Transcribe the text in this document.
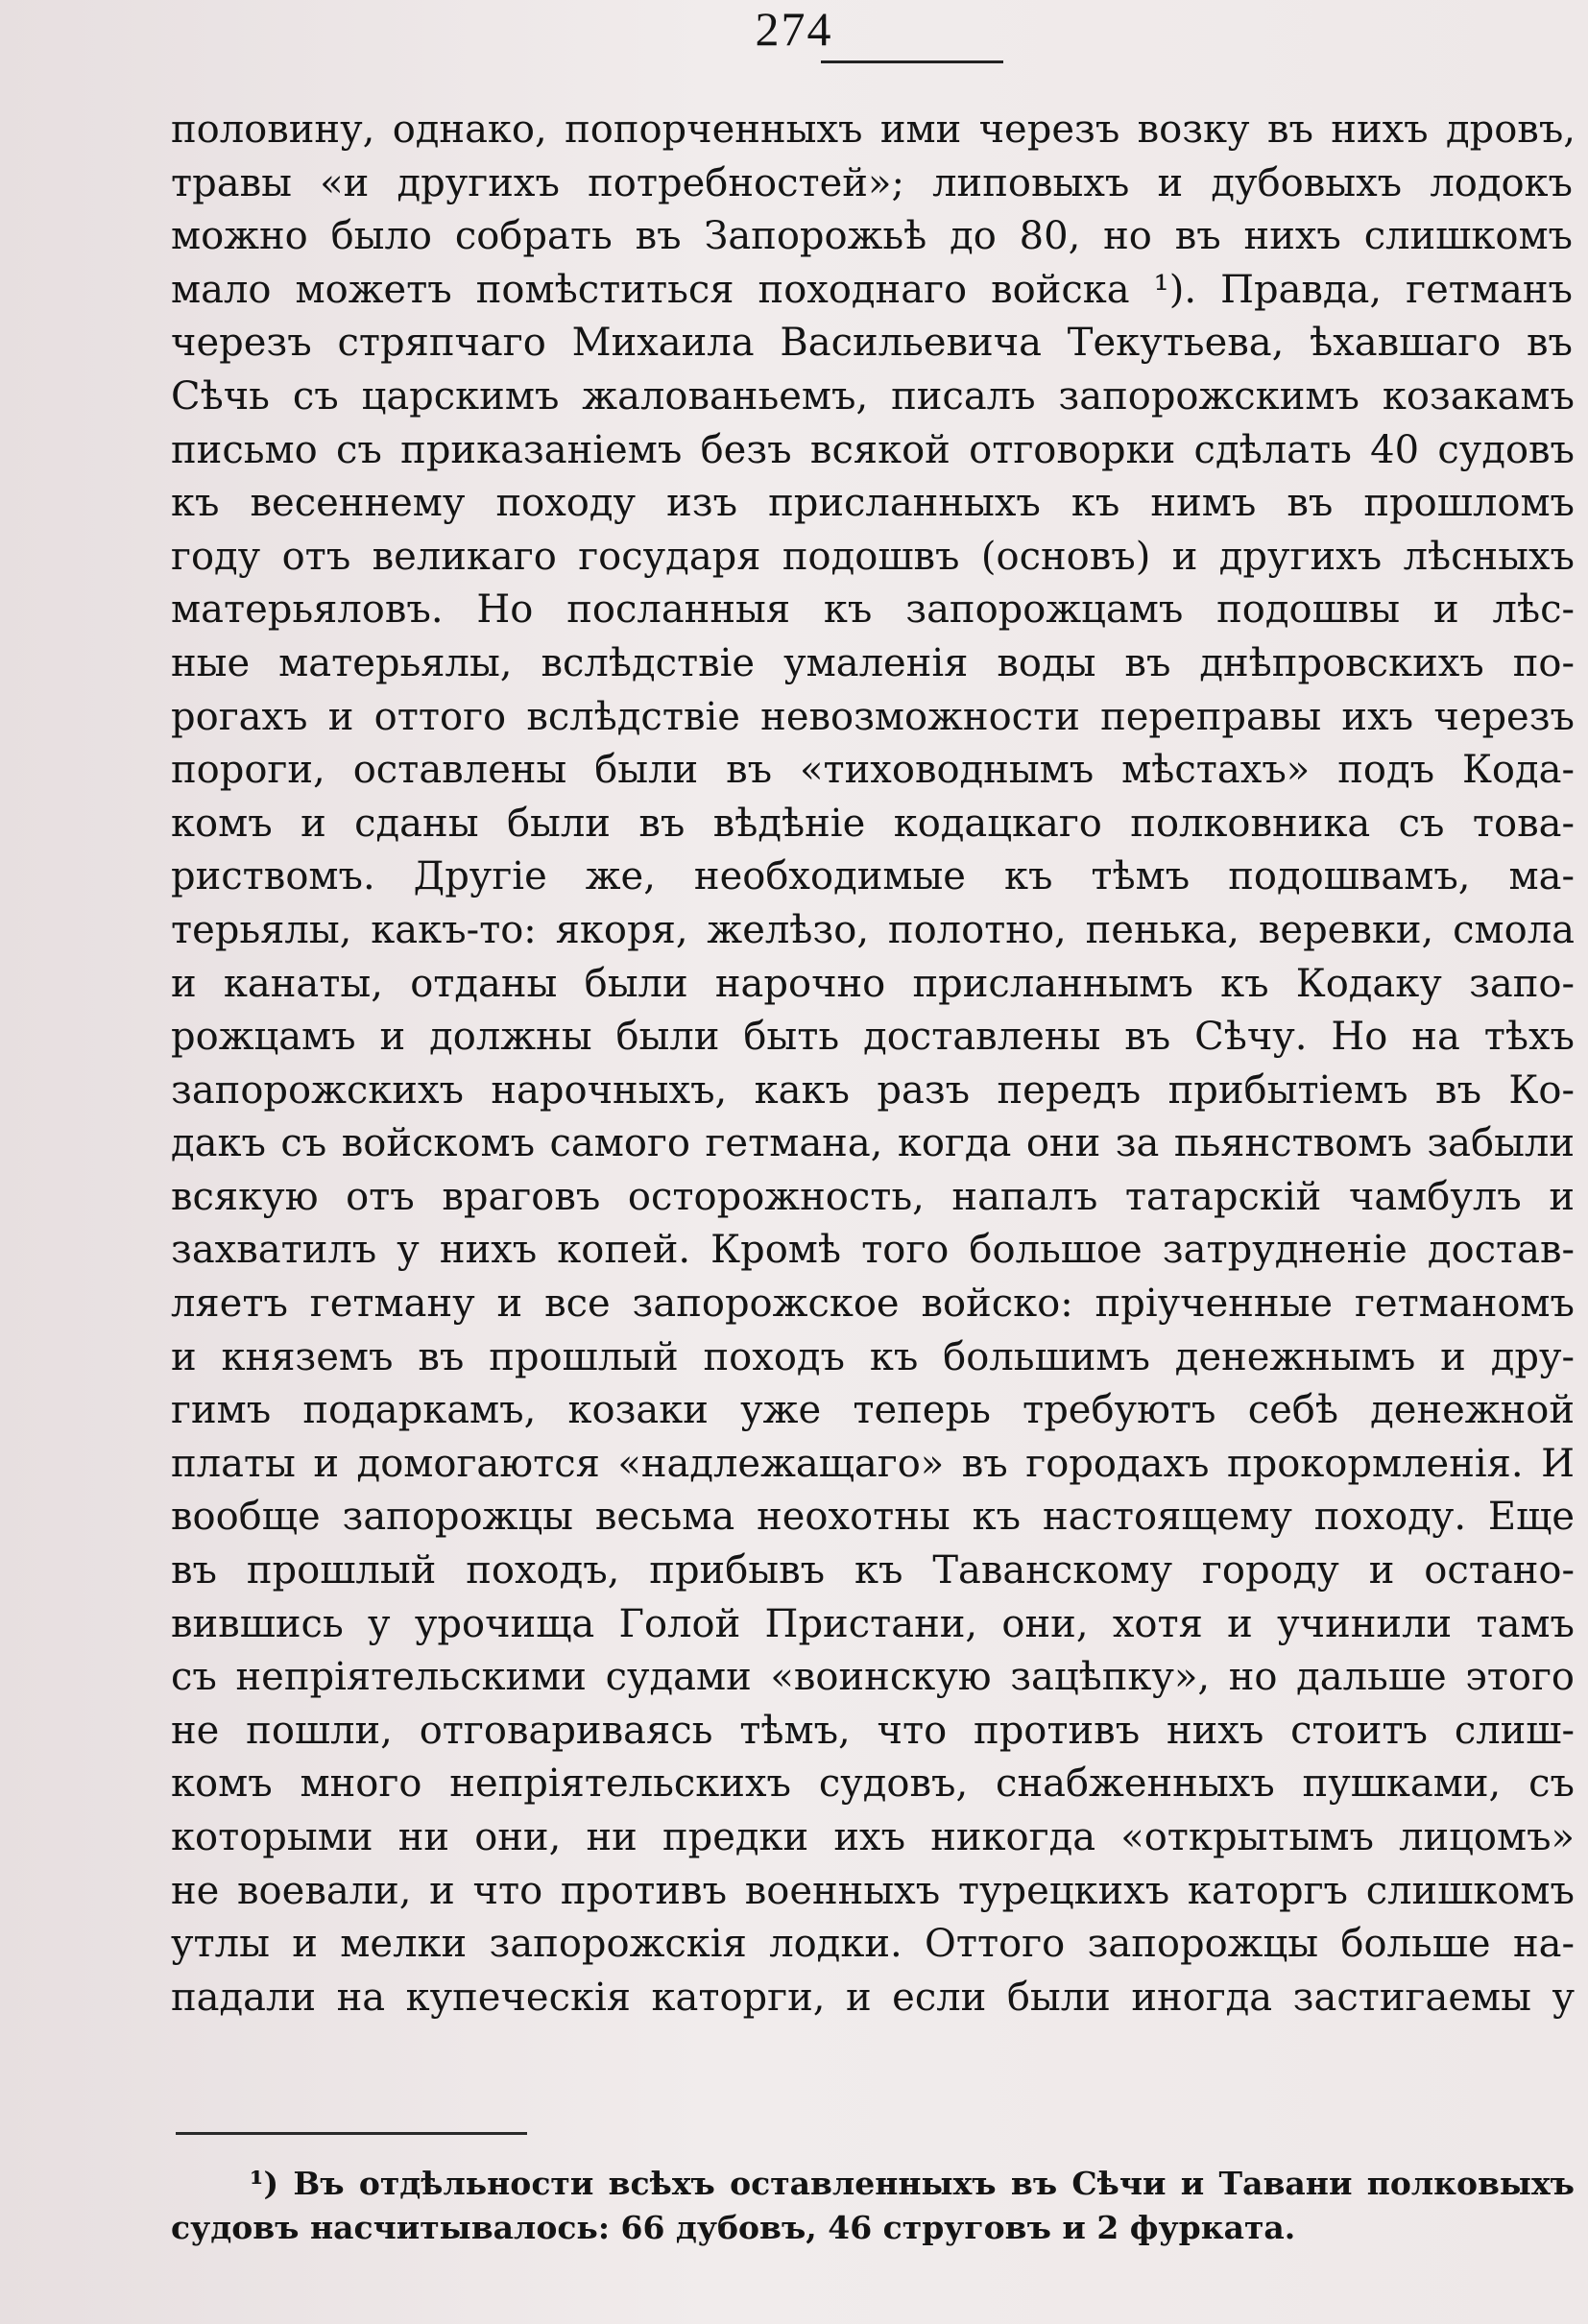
274
половину, однако, попорченныхъ ими черезъ возку въ нихъ дровъ,
травы «и другихъ потребностей»; липовыхъ и дубовыхъ лодокъ
можно было собрать въ Запорожьѣ до 80, но въ нихъ слишкомъ
мало можетъ помѣститься походнаго войска ¹). Правда, гетманъ
черезъ стряпчаго Михаила Васильевича Текутьева, ѣхавшаго въ
Сѣчь съ царскимъ жалованьемъ, писалъ запорожскимъ козакамъ
письмо съ приказаніемъ безъ всякой отговорки сдѣлать 40 судовъ
къ весеннему походу изъ присланныхъ къ нимъ въ прошломъ
году отъ великаго государя подошвъ (основъ) и другихъ лѣсныхъ
матерьяловъ. Но посланныя къ запорожцамъ подошвы и лѣс-
ные матерьялы, вслѣдствіе умаленія воды въ днѣпровскихъ по-
рогахъ и оттого вслѣдствіе невозможности переправы ихъ черезъ
пороги, оставлены были въ «тиховоднымъ мѣстахъ» подъ Кода-
комъ и сданы были въ вѣдѣніе кодацкаго полковника съ това-
риствомъ. Другіе же, необходимые къ тѣмъ подошвамъ, ма-
терьялы, какъ-то: якоря, желѣзо, полотно, пенька, веревки, смола
и канаты, отданы были нарочно присланнымъ къ Кодаку запо-
рожцамъ и должны были быть доставлены въ Сѣчу. Но на тѣхъ
запорожскихъ нарочныхъ, какъ разъ передъ прибытіемъ въ Ко-
дакъ съ войскомъ самого гетмана, когда они за пьянствомъ забыли
всякую отъ враговъ осторожность, напалъ татарскій чамбулъ и
захватилъ у нихъ копей. Кромѣ того большое затрудненіе достав-
ляетъ гетману и все запорожское войско: пріученные гетманомъ
и княземъ въ прошлый походъ къ большимъ денежнымъ и дру-
гимъ подаркамъ, козаки уже теперь требуютъ себѣ денежной
платы и домогаются «надлежащаго» въ городахъ прокормленія. И
вообще запорожцы весьма неохотны къ настоящему походу. Еще
въ прошлый походъ, прибывъ къ Таванскому городу и остано-
вившись у урочища Голой Пристани, они, хотя и учинили тамъ
съ непріятельскими судами «воинскую зацѣпку», но дальше этого
не пошли, отговариваясь тѣмъ, что противъ нихъ стоитъ слиш-
комъ много непріятельскихъ судовъ, снабженныхъ пушками, съ
которыми ни они, ни предки ихъ никогда «открытымъ лицомъ»
не воевали, и что противъ военныхъ турецкихъ каторгъ слишкомъ
утлы и мелки запорожскія лодки. Оттого запорожцы больше на-
падали на купеческія каторги, и если были иногда застигаемы у
¹) Въ отдѣльности всѣхъ оставленныхъ въ Сѣчи и Тавани полковыхъ
судовъ насчитывалось: 66 дубовъ, 46 струговъ и 2 фурката.
